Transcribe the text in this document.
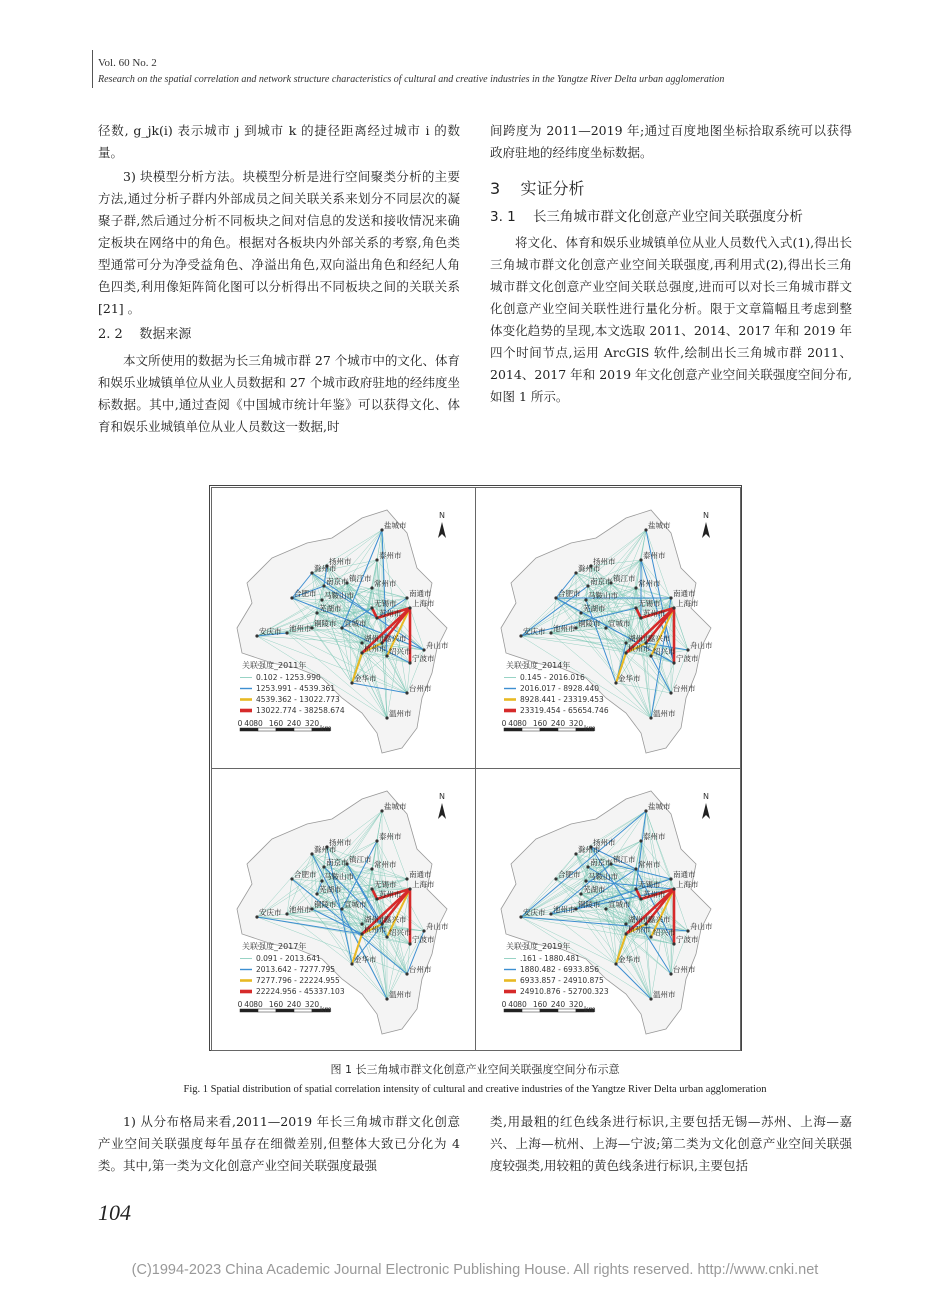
Vol. 60 No. 2
Research on the spatial correlation and network structure characteristics of cultural and creative industries in the Yangtze River Delta urban agglomeration

径数, g_jk(i) 表示城市 j 到城市 k 的捷径距离经过城市 i 的数量。

3) 块模型分析方法。块模型分析是进行空间聚类分析的主要方法,通过分析子群内外部成员之间关联关系来划分不同层次的凝聚子群,然后通过分析不同板块之间对信息的发送和接收情况来确定板块在网络中的角色。根据对各板块内外部关系的考察,角色类型通常可分为净受益角色、净溢出角色,双向溢出角色和经纪人角色四类,利用像矩阵简化图可以分析得出不同板块之间的关联关系 [21] 。

2. 2 数据来源

本文所使用的数据为长三角城市群 27 个城市中的文化、体育和娱乐业城镇单位从业人员数据和 27 个城市政府驻地的经纬度坐标数据。其中,通过查阅《中国城市统计年鉴》可以获得文化、体育和娱乐业城镇单位从业人员数这一数据,时

间跨度为 2011—2019 年;通过百度地图坐标拾取系统可以获得政府驻地的经纬度坐标数据。

3 实证分析
3. 1 长三角城市群文化创意产业空间关联强度分析

将文化、体育和娱乐业城镇单位从业人员数代入式(1),得出长三角城市群文化创意产业空间关联强度,再利用式(2),得出长三角城市群文化创意产业空间关联总强度,进而可以对长三角城市群文化创意产业空间关联性进行量化分析。限于文章篇幅且考虑到整体变化趋势的呈现,本文选取 2011、2014、2017 年和 2019 年四个时间节点,运用 ArcGIS 软件,绘制出长三角城市群 2011、2014、2017 年和 2019 年文化创意产业空间关联强度空间分布,如图 1 所示。

盐城市
泰州市
扬州市
滁州市
南京市 镇江市
常州市
合肥市 马鞍山市	南通市
芜湖市
无锡市
苏州市
上海市
铜陵市 宣城市
安庆市 池州市
湖州市
嘉兴市
杭州市 绍兴市
舟山市
宁波市
金华市
台州市
温州市
N
关联强度_2011年
0.102 - 1253.990
1253.991 - 4539.361
4539.362 - 13022.773
13022.774 - 38258.674
0 40 80 160 240 320
km
盐城市
泰州市
扬州市
滁州市
南京市 镇江市
常州市
合肥市 马鞍山市	南通市
芜湖市
无锡市
苏州市
上海市
铜陵市 宣城市
安庆市 池州市
湖州市
嘉兴市
杭州市 绍兴市
舟山市
宁波市
金华市
台州市
温州市
N
关联强度_2014年
0.145 - 2016.016
2016.017 - 8928.440
8928.441 - 23319.453
23319.454 - 65654.746
0 40 80 160 240 320
km
盐城市
泰州市
扬州市
滁州市
南京市 镇江市
常州市
合肥市 马鞍山市	南通市
芜湖市
无锡市
苏州市
上海市
铜陵市 宣城市
安庆市 池州市
湖州市
嘉兴市
杭州市 绍兴市
舟山市
宁波市
金华市
台州市
温州市
N
关联强度_2017年
0.091 - 2013.641
2013.642 - 7277.795
7277.796 - 22224.955
22224.956 - 45337.103
0 40 80 160 240 320
km
盐城市
泰州市
扬州市
滁州市
南京市 镇江市
常州市
合肥市 马鞍山市	南通市
芜湖市
无锡市
苏州市
上海市
铜陵市 宣城市
安庆市 池州市
湖州市
嘉兴市
杭州市 绍兴市
舟山市
宁波市
金华市
台州市
温州市
N
关联强度_2019年
.161 - 1880.481
1880.482 - 6933.856
6933.857 - 24910.875
24910.876 - 52700.323
0 40 80 160 240 320
km
图 1 长三角城市群文化创意产业空间关联强度空间分布示意
Fig. 1 Spatial distribution of spatial correlation intensity of cultural and creative industries of the Yangtze River Delta urban agglomeration

1) 从分布格局来看,2011—2019 年长三角城市群文化创意产业空间关联强度每年虽存在细微差别,但整体大致已分化为 4 类。其中,第一类为文化创意产业空间关联强度最强

类,用最粗的红色线条进行标识,主要包括无锡—苏州、上海—嘉兴、上海—杭州、上海—宁波;第二类为文化创意产业空间关联强度较强类,用较粗的黄色线条进行标识,主要包括

104
(C)1994-2023 China Academic Journal Electronic Publishing House. All rights reserved. http://www.cnki.net
